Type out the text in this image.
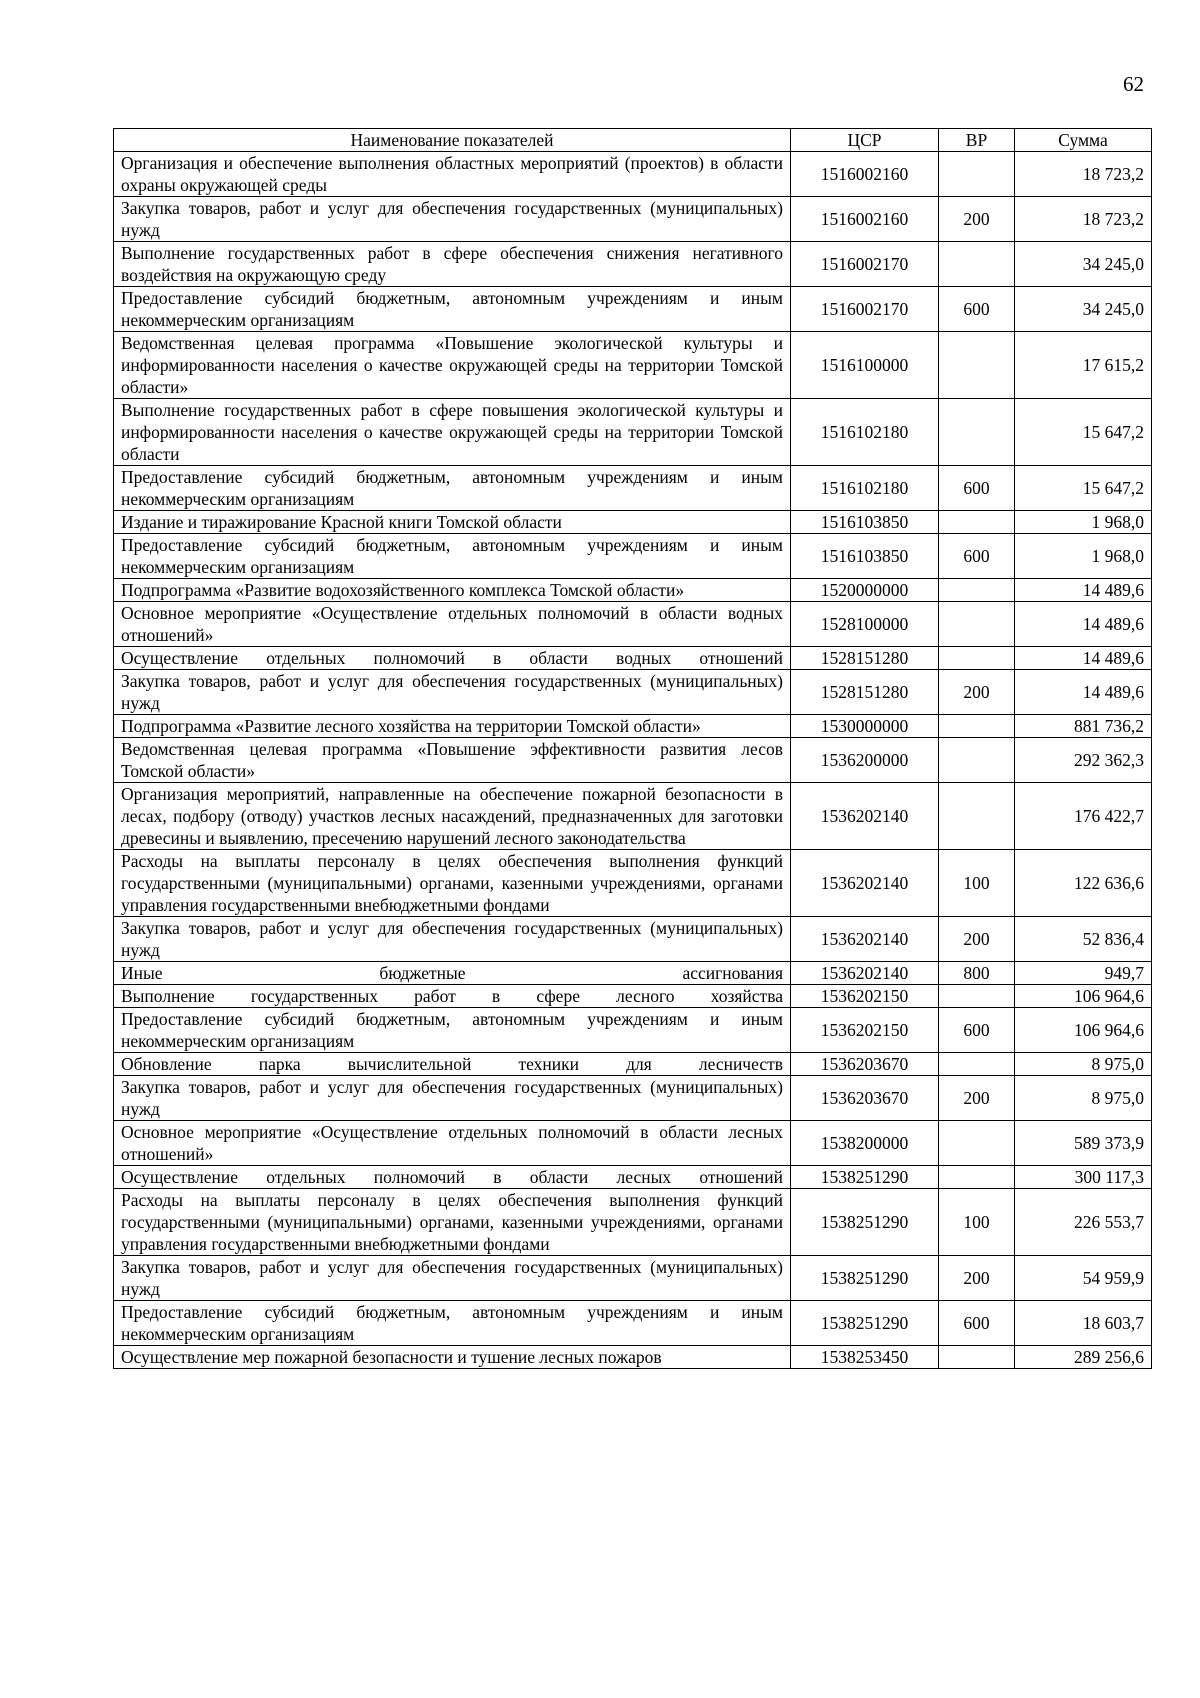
62
Наименование показателей	ЦСР	ВР	Сумма
Организация и обеспечение выполнения областных мероприятий (проектов) в области охраны окружающей среды	1516002160		18 723,2
Закупка товаров, работ и услуг для обеспечения государственных (муниципальных) нужд	1516002160	200	18 723,2
Выполнение государственных работ в сфере обеспечения снижения негативного воздействия на окружающую среду	1516002170		34 245,0
Предоставление субсидий бюджетным, автономным учреждениям и иным некоммерческим организациям	1516002170	600	34 245,0
Ведомственная целевая программа «Повышение экологической культуры и информированности населения о качестве окружающей среды на территории Томской области»	1516100000		17 615,2
Выполнение государственных работ в сфере повышения экологической культуры и информированности населения о качестве окружающей среды на территории Томской области	1516102180		15 647,2
Предоставление субсидий бюджетным, автономным учреждениям и иным некоммерческим организациям	1516102180	600	15 647,2
Издание и тиражирование Красной книги Томской области	1516103850		1 968,0
Предоставление субсидий бюджетным, автономным учреждениям и иным некоммерческим организациям	1516103850	600	1 968,0
Подпрограмма «Развитие водохозяйственного комплекса Томской области»	1520000000		14 489,6
Основное мероприятие «Осуществление отдельных полномочий в области водных отношений»	1528100000		14 489,6
Осуществление отдельных полномочий в области водных отношений	1528151280		14 489,6
Закупка товаров, работ и услуг для обеспечения государственных (муниципальных) нужд	1528151280	200	14 489,6
Подпрограмма «Развитие лесного хозяйства на территории Томской области»	1530000000		881 736,2
Ведомственная целевая программа «Повышение эффективности развития лесов Томской области»	1536200000		292 362,3
Организация мероприятий, направленные на обеспечение пожарной безопасности в лесах, подбору (отводу) участков лесных насаждений, предназначенных для заготовки древесины и выявлению, пресечению нарушений лесного законодательства	1536202140		176 422,7
Расходы на выплаты персоналу в целях обеспечения выполнения функций государственными (муниципальными) органами, казенными учреждениями, органами управления государственными внебюджетными фондами	1536202140	100	122 636,6
Закупка товаров, работ и услуг для обеспечения государственных (муниципальных) нужд	1536202140	200	52 836,4
Иные бюджетные ассигнования	1536202140	800	949,7
Выполнение государственных работ в сфере лесного хозяйства	1536202150		106 964,6
Предоставление субсидий бюджетным, автономным учреждениям и иным некоммерческим организациям	1536202150	600	106 964,6
Обновление парка вычислительной техники для лесничеств	1536203670		8 975,0
Закупка товаров, работ и услуг для обеспечения государственных (муниципальных) нужд	1536203670	200	8 975,0
Основное мероприятие «Осуществление отдельных полномочий в области лесных отношений»	1538200000		589 373,9
Осуществление отдельных полномочий в области лесных отношений	1538251290		300 117,3
Расходы на выплаты персоналу в целях обеспечения выполнения функций государственными (муниципальными) органами, казенными учреждениями, органами управления государственными внебюджетными фондами	1538251290	100	226 553,7
Закупка товаров, работ и услуг для обеспечения государственных (муниципальных) нужд	1538251290	200	54 959,9
Предоставление субсидий бюджетным, автономным учреждениям и иным некоммерческим организациям	1538251290	600	18 603,7
Осуществление мер пожарной безопасности и тушение лесных пожаров	1538253450		289 256,6
